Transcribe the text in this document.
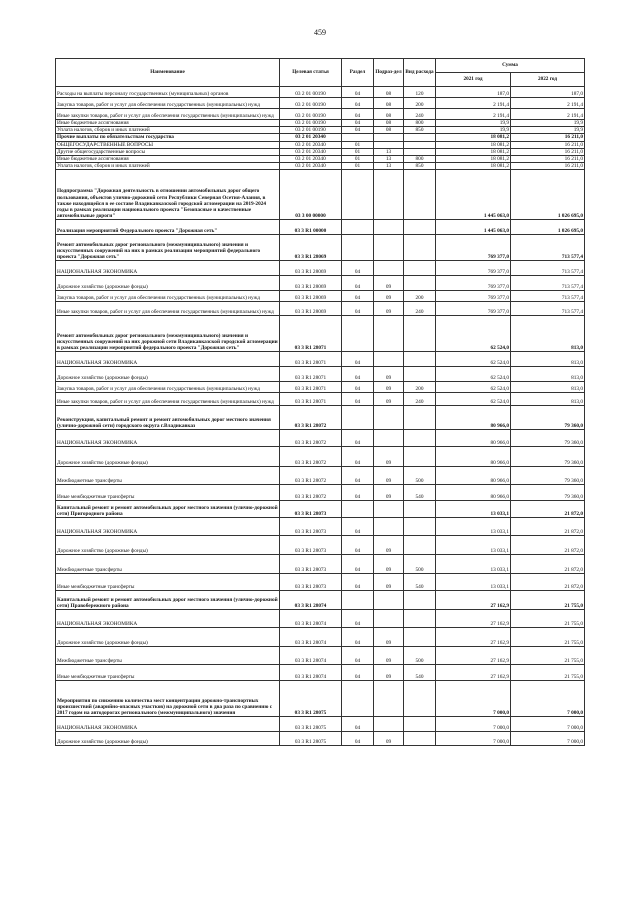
459
Наименование	Целевая статья	Раздел	Подраз-дел	Вид расхода	Сумма	
					2021 год	2022 год
Расходы на выплаты персоналу государственных (муниципальных) органов	03 2 01 00190	04	08	120	187,0	187,0
Закупка товаров, работ и услуг для обеспечения государственных (муниципальных) нужд	03 2 01 00190	04	08	200	2 191,4	2 191,4
Иные закупки товаров, работ и услуг для обеспечения государственных (муниципальных) нужд	03 2 01 00190	04	08	240	2 191,4	2 191,4
Иные бюджетные ассигнования	03 2 01 00190	04	08	800	19,9	19,9
Уплата налогов, сборов и иных платежей	03 2 01 00190	04	08	850	19,9	19,9
Прочие выплаты по обязательствам государства	03 2 01 20340				18 081,2	16 211,0
ОБЩЕГОСУДАРСТВЕННЫЕ ВОПРОСЫ	03 2 01 20340	01			18 081,2	16 211,0
Другие общегосударственные вопросы	03 2 01 20340	01	13		18 081,2	16 211,0
Иные бюджетные ассигнования	03 2 01 20340	01	13	800	18 081,2	16 211,0
Уплата налогов, сборов и иных платежей	03 2 01 20340	01	13	850	18 081,2	16 211,0
Подпрограмма "Дорожная деятельность в отношении автомобильных дорог общего пользования, объектов улично-дорожной сети Республики Северная Осетия-Алания, в также находящейся в ее составе Владикавказской городской агломерации на 2019-2024 годы в рамках реализации национального проекта "Безопасные и качественные автомобильные дороги"	03 3 00 00000				1 445 063,0	1 026 695,0
Реализация мероприятий Федерального проекта "Дорожная сеть"	03 3 R1 00000				1 445 063,0	1 026 695,0
Ремонт автомобильных дорог регионального (межмуниципального) значения и искусственных сооружений на них в рамках реализации мероприятий федерального проекта "Дорожная сеть"	03 3 R1 28069				769 377,0	713 577,4
НАЦИОНАЛЬНАЯ ЭКОНОМИКА	03 3 R1 28069	04			769 377,0	713 577,4
Дорожное хозяйство (дорожные фонды)	03 3 R1 28069	04	09		769 377,0	713 577,4
Закупка товаров, работ и услуг для обеспечения государственных (муниципальных) нужд	03 3 R1 28069	04	09	200	769 377,0	713 577,4
Иные закупки товаров, работ и услуг для обеспечения государственных (муниципальных) нужд	03 3 R1 28069	04	09	240	769 377,0	713 577,4
Ремонт автомобильных дорог регионального (межмуниципального) значения и искусственных сооружений на них дорожной сети Владикавказской городской агломерации в рамках реализации мероприятий федерального проекта "Дорожная сеть"	03 3 R1 28071				62 524,0	813,0
НАЦИОНАЛЬНАЯ ЭКОНОМИКА	03 3 R1 28071	04			62 524,0	813,0
Дорожное хозяйство (дорожные фонды)	03 3 R1 28071	04	09		62 524,0	813,0
Закупка товаров, работ и услуг для обеспечения государственных (муниципальных) нужд	03 3 R1 28071	04	09	200	62 524,0	813,0
Иные закупки товаров, работ и услуг для обеспечения государственных (муниципальных) нужд	03 3 R1 28071	04	09	240	62 524,0	813,0
Реконструкция, капитальный ремонт и ремонт автомобильных дорог местного значения (улично-дорожной сети) городского округа г.Владикавказ	03 3 R1 28072				80 966,0	79 360,0
НАЦИОНАЛЬНАЯ ЭКОНОМИКА	03 3 R1 28072	04			80 966,0	79 360,0
Дорожное хозяйство (дорожные фонды)	03 3 R1 28072	04	09		80 966,0	79 360,0
Межбюджетные трансферты	03 3 R1 28072	04	09	500	80 966,0	79 360,0
Иные межбюджетные трансферты	03 3 R1 28072	04	09	540	80 966,0	79 360,0
Капитальный ремонт и ремонт автомобильных дорог местного значения (улично-дорожной сети) Пригородного района	03 3 R1 28073				13 033,1	21 872,0
НАЦИОНАЛЬНАЯ ЭКОНОМИКА	03 3 R1 28073	04			13 033,1	21 872,0
Дорожное хозяйство (дорожные фонды)	03 3 R1 28073	04	09		13 033,1	21 872,0
Межбюджетные трансферты	03 3 R1 28073	04	09	500	13 033,1	21 872,0
Иные межбюджетные трансферты	03 3 R1 28073	04	09	540	13 033,1	21 872,0
Капитальный ремонт и ремонт автомобильных дорог местного значения (улично-дорожной сети) Правобережного района	03 3 R1 28074				27 162,9	21 755,0
НАЦИОНАЛЬНАЯ ЭКОНОМИКА	03 3 R1 28074	04			27 162,9	21 755,0
Дорожное хозяйство (дорожные фонды)	03 3 R1 28074	04	09		27 162,9	21 755,0
Межбюджетные трансферты	03 3 R1 28074	04	09	500	27 162,9	21 755,0
Иные межбюджетные трансферты	03 3 R1 28074	04	09	540	27 162,9	21 755,0
Мероприятия по снижению количества мест концентрации дорожно-транспортных происшествий (аварийно-опасных участков) на дорожной сети в два раза по сравнению с 2017 годом на автодорогах регионального (межмуниципального) значения	03 3 R1 28075				7 000,0	7 000,0
НАЦИОНАЛЬНАЯ ЭКОНОМИКА	03 3 R1 28075	04			7 000,0	7 000,0
Дорожное хозяйство (дорожные фонды)	03 3 R1 28075	04	09		7 000,0	7 000,0
